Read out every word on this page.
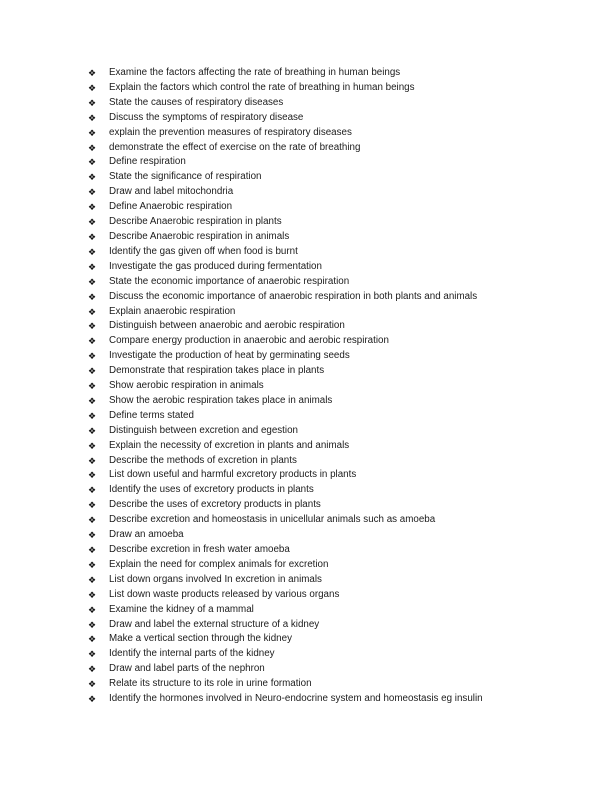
❖ Examine the factors affecting the rate of breathing in human beings
❖ Explain the factors which control the rate of breathing in human beings
❖ State the causes of respiratory diseases
❖ Discuss the symptoms of respiratory disease
❖ explain the prevention measures of respiratory diseases
❖ demonstrate the effect of exercise on the rate of breathing
❖ Define respiration
❖ State the significance of respiration
❖ Draw and label mitochondria
❖ Define Anaerobic respiration
❖ Describe Anaerobic respiration in plants
❖ Describe Anaerobic respiration in animals
❖ Identify the gas given off when food is burnt
❖ Investigate the gas produced during fermentation
❖ State the economic importance of anaerobic respiration
❖ Discuss the economic importance of anaerobic respiration in both plants and animals
❖ Explain anaerobic respiration
❖ Distinguish between anaerobic and aerobic respiration
❖ Compare energy production in anaerobic and aerobic respiration
❖ Investigate the production of heat by germinating seeds
❖ Demonstrate that respiration takes place in plants
❖ Show aerobic respiration in animals
❖ Show the aerobic respiration takes place in animals
❖ Define terms stated
❖ Distinguish between excretion and egestion
❖ Explain the necessity of excretion in plants and animals
❖ Describe the methods of excretion in plants
❖ List down useful and harmful excretory products in plants
❖ Identify the uses of excretory products in plants
❖ Describe the uses of excretory products in plants
❖ Describe excretion and homeostasis in unicellular animals such as amoeba
❖ Draw an amoeba
❖ Describe excretion in fresh water amoeba
❖ Explain the need for complex animals for excretion
❖ List down organs involved In excretion in animals
❖ List down waste products released by various organs
❖ Examine the kidney of a mammal
❖ Draw and label the external structure of a kidney
❖ Make a vertical section through the kidney
❖ Identify the internal parts of the kidney
❖ Draw and label parts of the nephron
❖ Relate its structure to its role in urine formation
❖ Identify the hormones involved in Neuro-endocrine system and homeostasis eg insulin
